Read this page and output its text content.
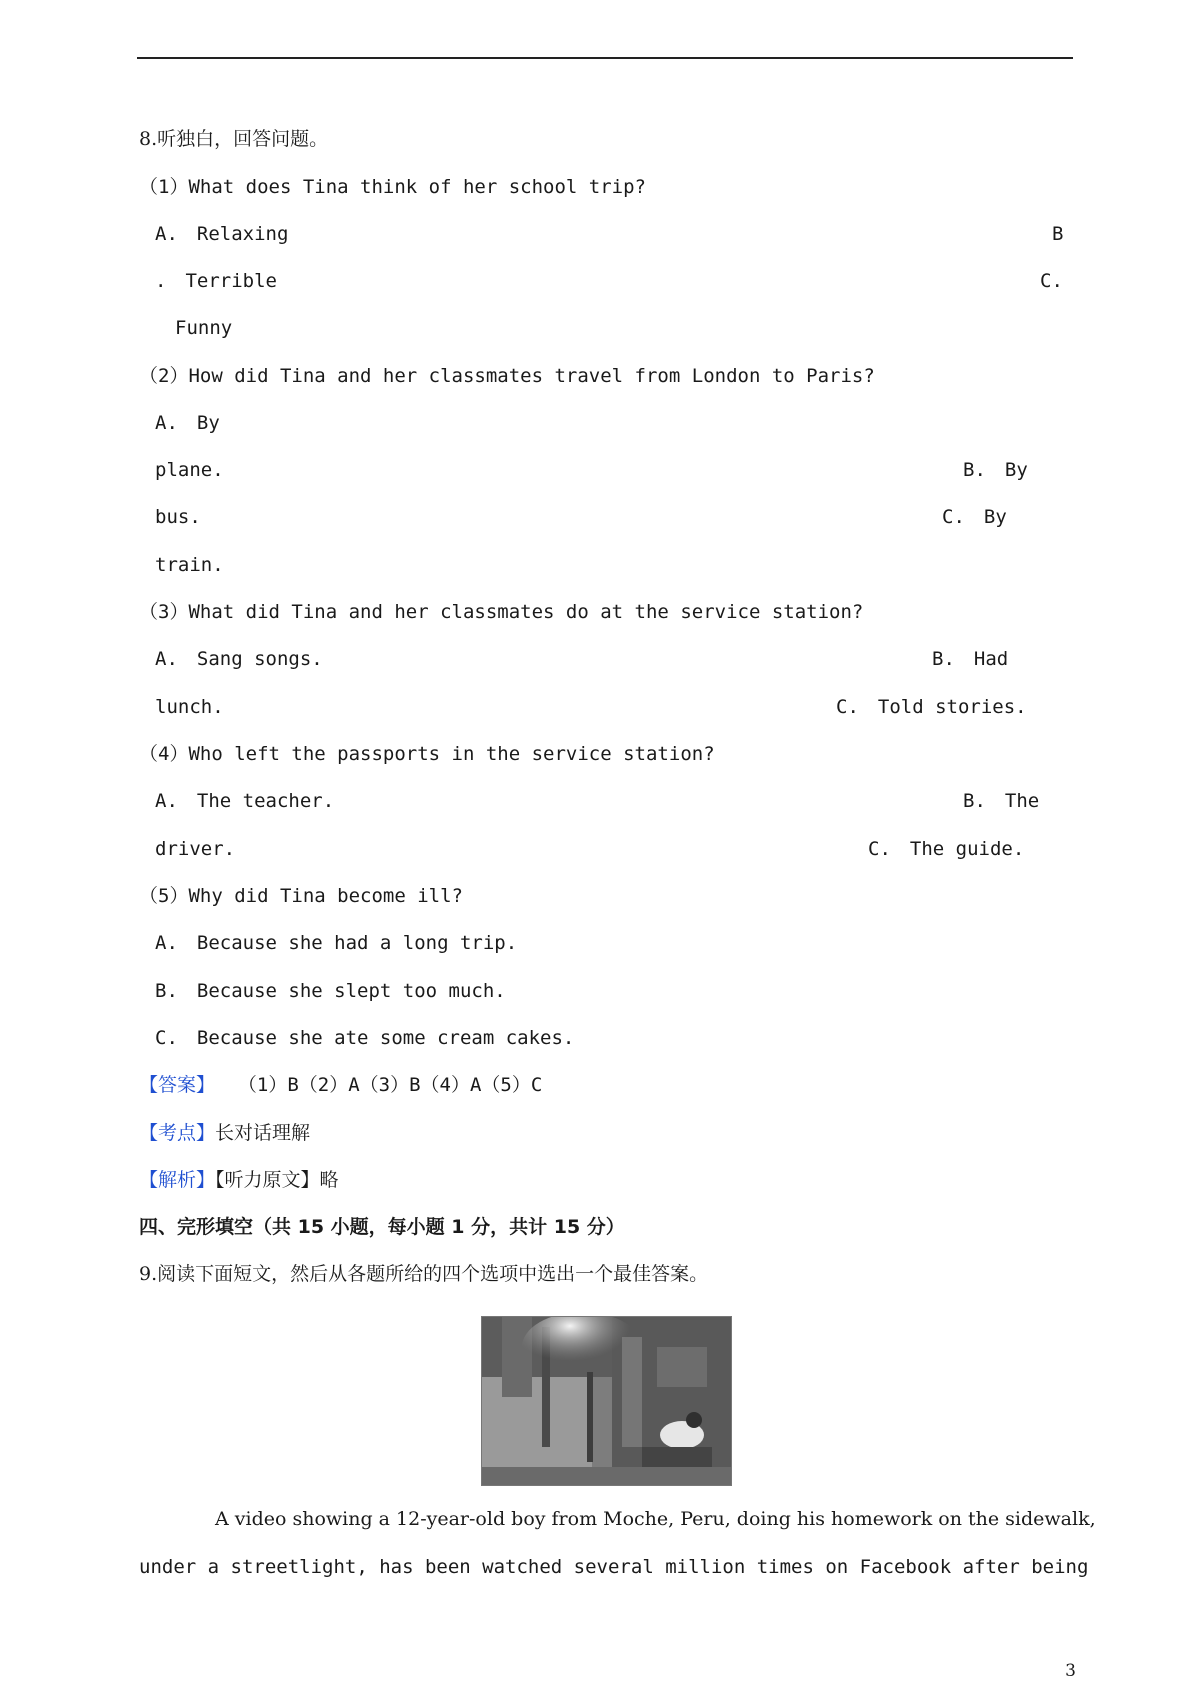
8.听独白，回答问题。
（1）What does Tina think of her school trip?
A.　Relaxing	B
.　Terrible	C.
Funny
（2）How did Tina and her classmates travel from London to Paris?
A.　By
plane.	B.　By
bus.	C.　By
train.
（3）What did Tina and her classmates do at the service station?
A.　Sang songs.	B.　Had
lunch.	C.　Told stories.
（4）Who left the passports in the service station?
A.　The teacher.	B.　The
driver.	C.　The guide.
（5）Why did Tina become ill?
A.　Because she had a long trip.
B.　Because she slept too much.
C.　Because she ate some cream cakes.
【答案】 （1）B（2）A（3）B（4）A（5）C
【考点】长对话理解
【解析】【听力原文】略
四、完形填空（共 15 小题，每小题 1 分，共计 15 分）
9.阅读下面短文，然后从各题所给的四个选项中选出一个最佳答案。
A video showing a 12-year-old boy from Moche, Peru, doing his homework on the sidewalk,
under a streetlight, has been watched several million times on Facebook after being
3
